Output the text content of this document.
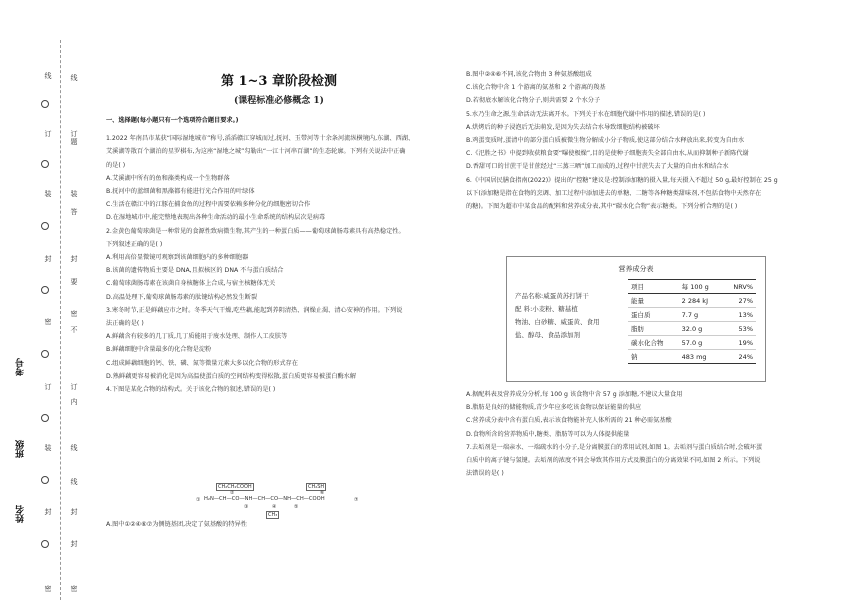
线
订
装
封
密
订
装
封
密
线
订
题
装
答
封
要
密
不
订
内
线
线
封
封
密
姓名
班级
考号
第 1~3 章阶段检测
(课程标准必修概念 1)

一、选择题(每小题只有一个选项符合题目要求。)

1.2022 年南昌市某获“国际湿地城市”称号,滔滔赣江穿城而过,抚河、玉带河等十余条河流纵横境内,东湖、西湖、

艾溪湖等散百个湖泊的星罗棋布,为这座“湿地之城”勾勒出“一江十河串百湖”的生态轮廓。下列有关说法中正确

的是( )

A.艾溪湖中所有的鱼和藻类构成一个生物群落

B.抚河中的蓝细菌和黑藻都有能进行光合作用的叶绿体

C.生活在赣江中的江豚在捕食鱼的过程中需要依赖多种分化的细胞密切合作

D.在湿地城市中,能完整地表现出各种生命活动的最小生命系统的结构层次是病毒

2.金黄色葡萄球菌是一种常见的食源性致病微生物,其产生的一种蛋白质——葡萄球菌肠毒素具有高热稳定性。

下列叙述正确的是( )

A.利用高倍显微镜可观察到该菌细胞内的多种细胞器

B.该菌的遗传物质主要是 DNA,且拟核区的 DNA 不与蛋白质结合

C.葡萄球菌肠毒素在该菌自身核糖体上合成,与宿主核糖体无关

D.高温处理下,葡萄球菌肠毒素的肽键结构必然发生断裂

3.寒冬时节,正是鲜藕应市之时。冬季天气干燥,吃些藕,能起到养阴清热、润燥止渴、清心安神的作用。下列说

法正确的是( )

A.鲜藕含有较多的几丁质,几丁质能用于废水处理、制作人工皮肤等

B.鲜藕细胞中含量最多的化合物是淀粉

C.组成鲜藕细胞的钙、铁、磷、氮等微量元素大多以化合物的形式存在

D.熟鲜藕更容易被消化是因为高温使蛋白质的空间结构变得松散,蛋白质更容易被蛋白酶水解

4.下图是某化合物的结构式。关于该化合物的叙述,错误的是( )

CH₂CH₂COOH	CH₂SH
CH₃
H₂N—CH—CO—NH—CH—CO—NH—CH—COOH
①
②
③	④	⑤
⑥
⑦

A.图中①②④⑥⑦为侧链基团,决定了氨基酸的特异性

B.图中②④⑥不同,该化合物由 3 种氨基酸组成

C.该化合物中含 1 个游离的氨基和 2 个游离的羧基

D.若彻底水解该化合物分子,则共需要 2 个水分子

5.水乃生命之源,生命活动无法离开水。下列关于水在细胞代谢中作用的描述,错误的是( )

A.烘烤后的种子浸泡后无法萌发,是因为失去结合水导致细胞结构被破坏

B.鸡蛋变质时,蛋清中的部分蛋白质被微生物分解成小分子物质,使这部分结合水释放出来,转变为自由水

C.《汜胜之书》中提到收获粮食要“曝使极燥”,目的是使种子细胞丧失全部自由水,从而抑制种子新陈代谢

D.香甜可口的甘蔗干是甘蔗经过“三蒸三晒”加工而成的,过程中甘蔗失去了大量的自由水和结合水

6.《中国居民膳食指南(2022)》提出的“控糖”建议是:控制添加糖的摄入量,每天摄入不超过 50 g,最好控制在 25 g

以下(添加糖是指在食物的烹调、加工过程中添加进去的单糖、二糖等各种糖类甜味剂,不包括食物中天然存在

的糖)。下图为超市中某食品的配料和营养成分表,其中“碳水化合物”表示糖类。下列分析合理的是( )

营养成分表
产品名称:威蛋黄苏打饼干
配 料:小麦粉、糖基植
物油、白砂糖、威蛋黄、食用
盐、醇母、食品添加剂
项目	每 100 g	NRV%
能量	2 284 kJ	27%
蛋白质	7.7 g	13%
脂肪	32.0 g	53%
碳水化合物	57.0 g	19%
钠	483 mg	24%

A.据配料表及营养成分分析,每 100 g 该食物中含 57 g 添加糖,不建议大量食用

B.脂肪是良好的储能物质,青少年应多吃该食物以保证能量的供应

C.营养成分表中含有蛋白质,表示该食物能补充人体所需的 21 种必需氨基酸

D.食物所含的营养物质中,糖类、脂肪等可以为人体提供能量

7.去垢剂是一端亲水、一端疏水的小分子,是分离膜蛋白的常用试剂,如图 1。去垢剂与蛋白质结合时,会破坏蛋

白质中的离子键与氢键。去垢剂的浓度不同会导致其作用方式及膜蛋白的分离效果不同,如图 2 所示。下列说

法错误的是( )
